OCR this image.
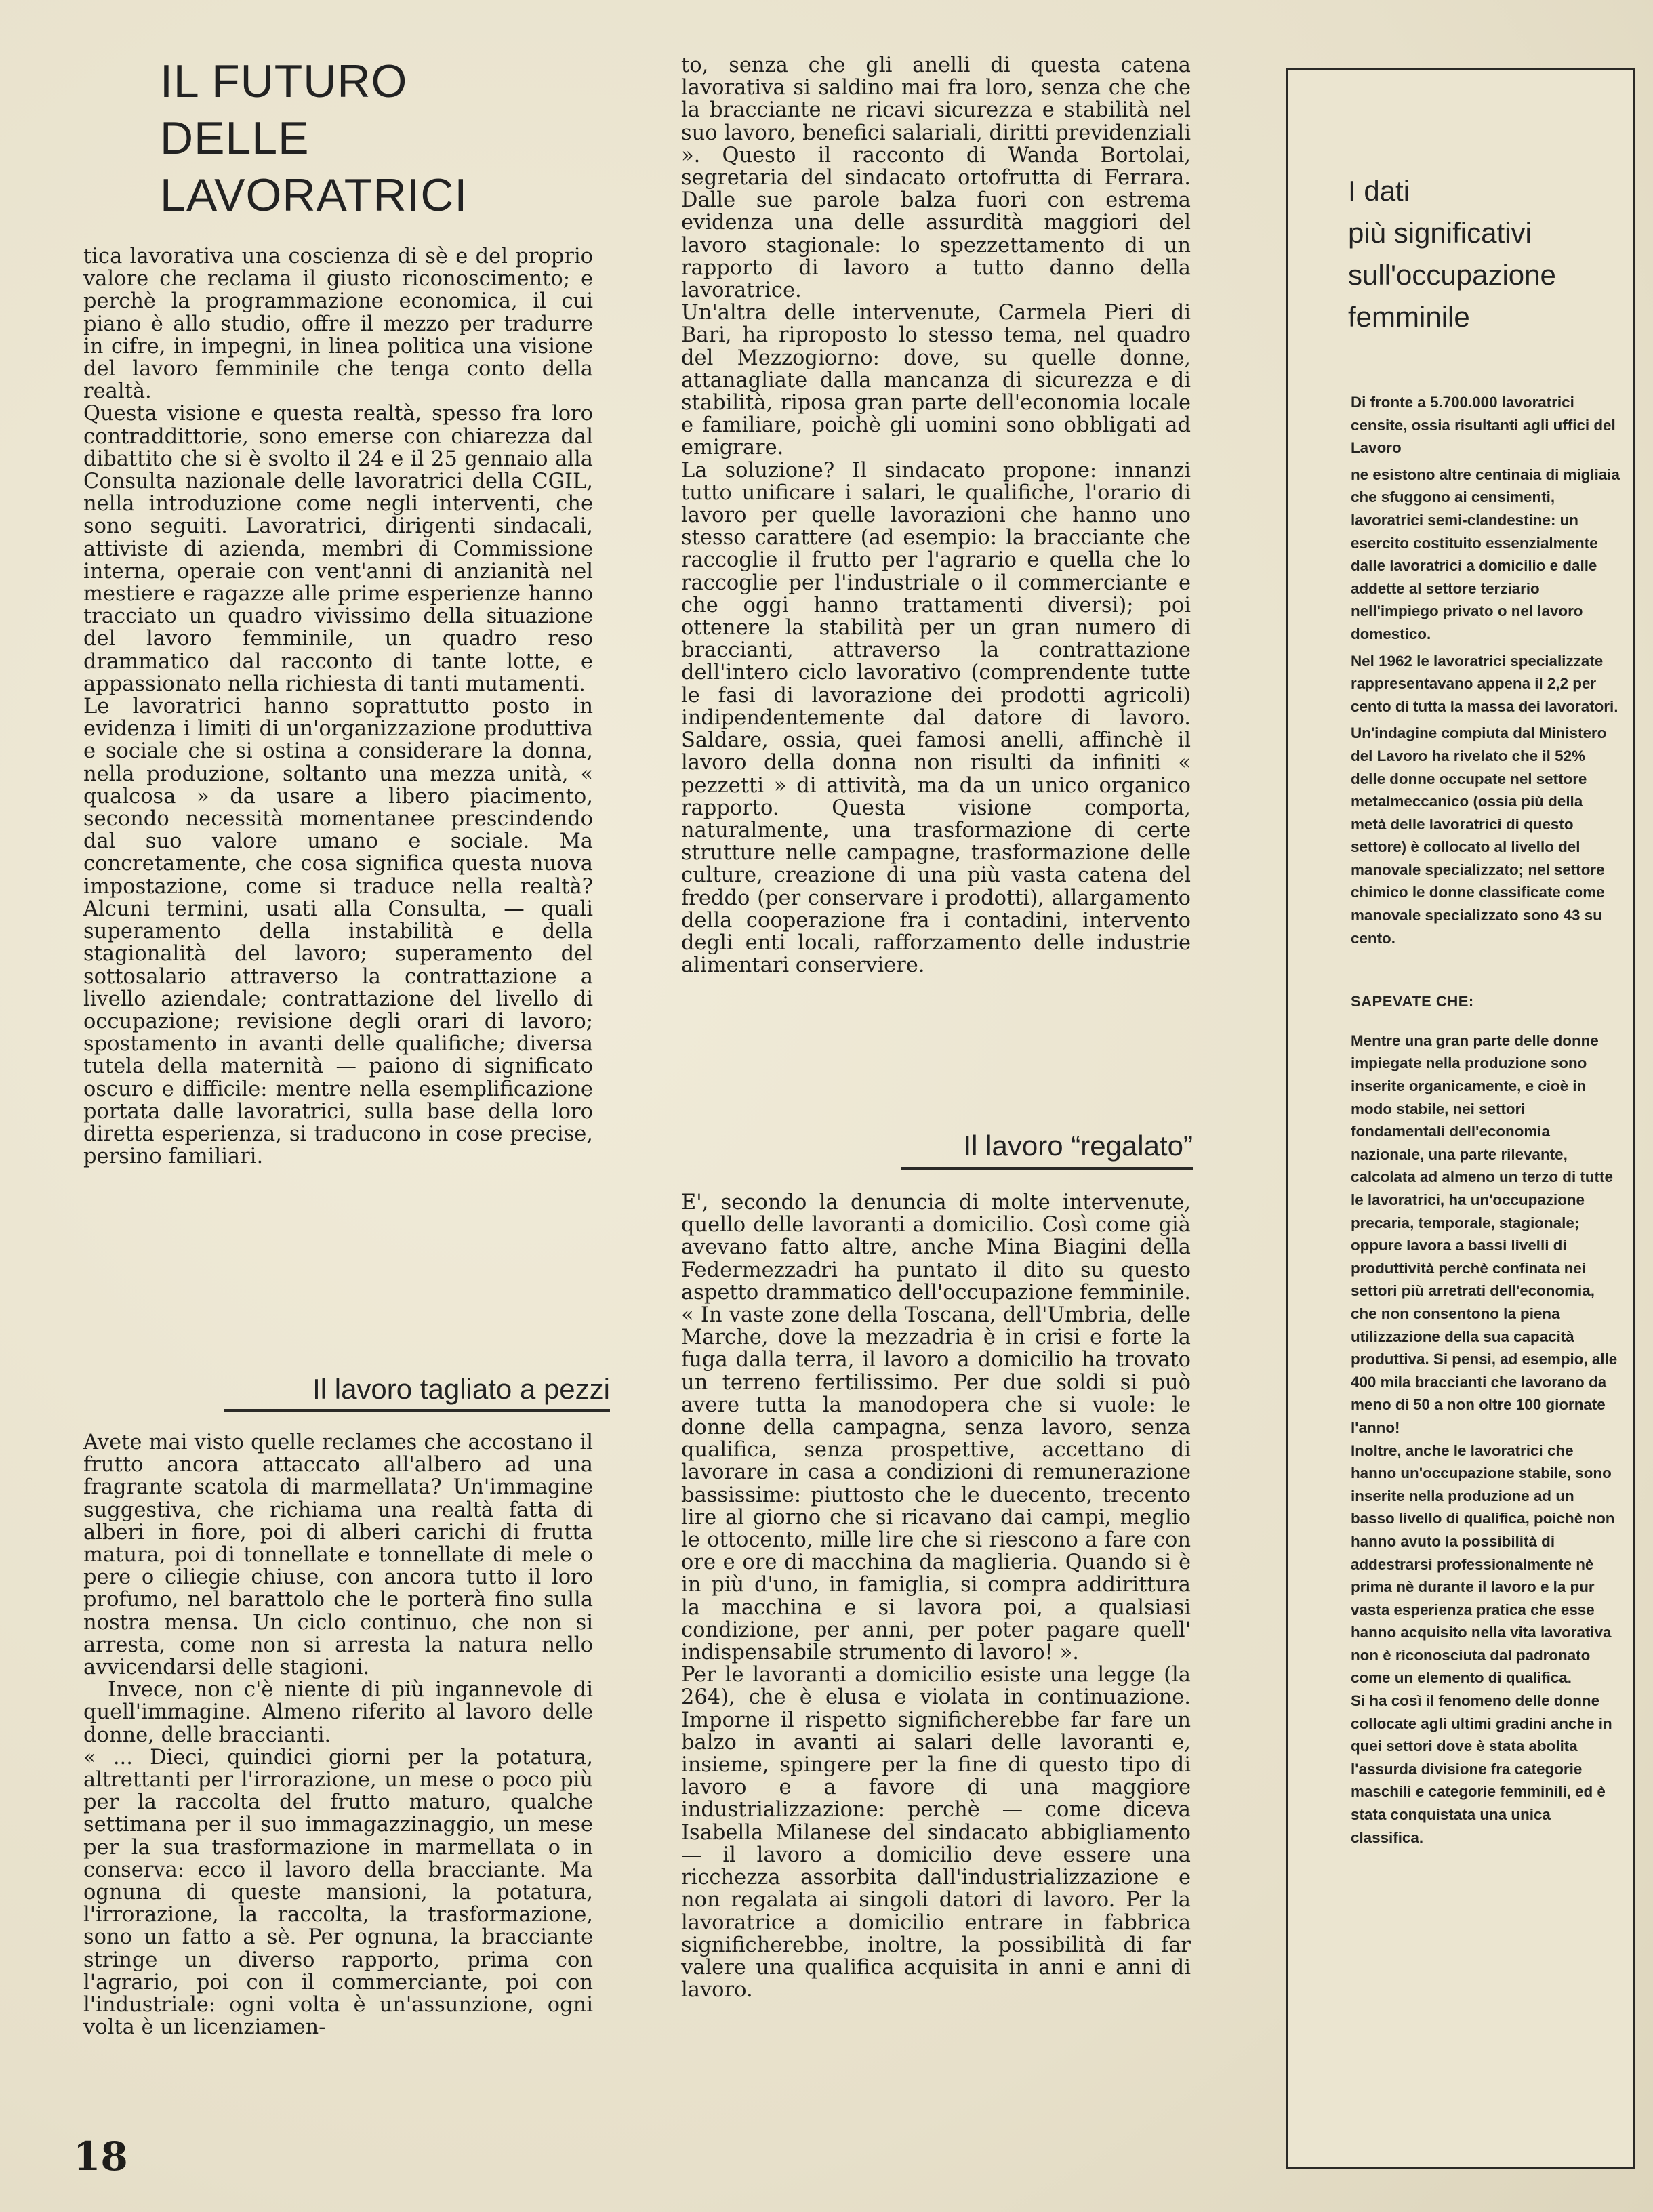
IL FUTURO
DELLE LAVORATRICI

tica lavorativa una coscienza di sè e del proprio valore che reclama il giusto riconoscimento; e perchè la programmazione economica, il cui piano è allo studio, offre il mezzo per tradurre in cifre, in impegni, in linea politica una visione del lavoro femminile che tenga conto della realtà.

Questa visione e questa realtà, spesso fra loro contraddittorie, sono emerse con chiarezza dal dibattito che si è svolto il 24 e il 25 gennaio alla Consulta nazionale delle lavoratrici della CGIL, nella introduzione come negli interventi, che sono seguiti. Lavoratrici, dirigenti sindacali, attiviste di azienda, membri di Commissione interna, operaie con vent'anni di anzianità nel mestiere e ragazze alle prime esperienze hanno tracciato un quadro vivissimo della situazione del lavoro femminile, un quadro reso drammatico dal racconto di tante lotte, e appassionato nella richiesta di tanti mutamenti.

Le lavoratrici hanno soprattutto posto in evidenza i limiti di un'organizzazione produttiva e sociale che si ostina a considerare la donna, nella produzione, soltanto una mezza unità, « qualcosa » da usare a libero piacimento, secondo necessità momentanee prescindendo dal suo valore umano e sociale. Ma concretamente, che cosa significa questa nuova impostazione, come si traduce nella realtà? Alcuni termini, usati alla Consulta, — quali superamento della instabilità e della stagionalità del lavoro; superamento del sottosalario attraverso la contrattazione a livello aziendale; contrattazione del livello di occupazione; revisione degli orari di lavoro; spostamento in avanti delle qualifiche; diversa tutela della maternità — paiono di significato oscuro e difficile: mentre nella esemplificazione portata dalle lavoratrici, sulla base della loro diretta esperienza, si traducono in cose precise, persino familiari.

Il lavoro tagliato a pezzi

Avete mai visto quelle reclames che accostano il frutto ancora attaccato all'albero ad una fragrante scatola di marmellata? Un'immagine suggestiva, che richiama una realtà fatta di alberi in fiore, poi di alberi carichi di frutta matura, poi di tonnellate e tonnellate di mele o pere o ciliegie chiuse, con ancora tutto il loro profumo, nel barattolo che le porterà fino sulla nostra mensa. Un ciclo continuo, che non si arresta, come non si arresta la natura nello avvicendarsi delle stagioni.

Invece, non c'è niente di più ingannevole di quell'immagine. Almeno riferito al lavoro delle donne, delle braccianti.

« ... Dieci, quindici giorni per la potatura, altrettanti per l'irrorazione, un mese o poco più per la raccolta del frutto maturo, qualche settimana per il suo immagazzinaggio, un mese per la sua trasformazione in marmellata o in conserva: ecco il lavoro della bracciante. Ma ognuna di queste mansioni, la potatura, l'irrorazione, la raccolta, la trasformazione, sono un fatto a sè. Per ognuna, la bracciante stringe un diverso rapporto, prima con l'agrario, poi con il commerciante, poi con l'industriale: ogni volta è un'assunzione, ogni volta è un licenziamen-

to, senza che gli anelli di questa catena lavorativa si saldino mai fra loro, senza che che la bracciante ne ricavi sicurezza e stabilità nel suo lavoro, benefici salariali, diritti previdenziali ». Questo il racconto di Wanda Bortolai, segretaria del sindacato ortofrutta di Ferrara. Dalle sue parole balza fuori con estrema evidenza una delle assurdità maggiori del lavoro stagionale: lo spezzettamento di un rapporto di lavoro a tutto danno della lavoratrice.

Un'altra delle intervenute, Carmela Pieri di Bari, ha riproposto lo stesso tema, nel quadro del Mezzogiorno: dove, su quelle donne, attanagliate dalla mancanza di sicurezza e di stabilità, riposa gran parte dell'economia locale e familiare, poichè gli uomini sono obbligati ad emigrare.

La soluzione? Il sindacato propone: innanzi tutto unificare i salari, le qualifiche, l'orario di lavoro per quelle lavorazioni che hanno uno stesso carattere (ad esempio: la bracciante che raccoglie il frutto per l'agrario e quella che lo raccoglie per l'industriale o il commerciante e che oggi hanno trattamenti diversi); poi ottenere la stabilità per un gran numero di braccianti, attraverso la contrattazione dell'intero ciclo lavorativo (comprendente tutte le fasi di lavorazione dei prodotti agricoli) indipendentemente dal datore di lavoro. Saldare, ossia, quei famosi anelli, affinchè il lavoro della donna non risulti da infiniti « pezzetti » di attività, ma da un unico organico rapporto. Questa visione comporta, naturalmente, una trasformazione di certe strutture nelle campagne, trasformazione delle culture, creazione di una più vasta catena del freddo (per conservare i prodotti), allargamento della cooperazione fra i contadini, intervento degli enti locali, rafforzamento delle industrie alimentari conserviere.

Il lavoro “regalato”

E', secondo la denuncia di molte intervenute, quello delle lavoranti a domicilio. Così come già avevano fatto altre, anche Mina Biagini della Federmezzadri ha puntato il dito su questo aspetto drammatico dell'occupazione femminile. « In vaste zone della Toscana, dell'Umbria, delle Marche, dove la mezzadria è in crisi e forte la fuga dalla terra, il lavoro a domicilio ha trovato un terreno fertilissimo. Per due soldi si può avere tutta la manodopera che si vuole: le donne della campagna, senza lavoro, senza qualifica, senza prospettive, accettano di lavorare in casa a condizioni di remunerazione bassissime: piuttosto che le duecento, trecento lire al giorno che si ricavano dai campi, meglio le ottocento, mille lire che si riescono a fare con ore e ore di macchina da maglieria. Quando si è in più d'uno, in famiglia, si compra addirittura la macchina e si lavora poi, a qualsiasi condizione, per anni, per poter pagare quell' indispensabile strumento di lavoro! ».

Per le lavoranti a domicilio esiste una legge (la 264), che è elusa e violata in continuazione. Imporne il rispetto significherebbe far fare un balzo in avanti ai salari delle lavoranti e, insieme, spingere per la fine di questo tipo di lavoro e a favore di una maggiore industrializzazione: perchè — come diceva Isabella Milanese del sindacato abbigliamento — il lavoro a domicilio deve essere una ricchezza assorbita dall'industrializzazione e non regalata ai singoli datori di lavoro. Per la lavoratrice a domicilio entrare in fabbrica significherebbe, inoltre, la possibilità di far valere una qualifica acquisita in anni e anni di lavoro.

I dati
più significativi
sull'occupazione
femminile

Di fronte a 5.700.000 lavoratrici censite, ossia risultanti agli uffici del Lavoro

ne esistono altre centinaia di migliaia che sfuggono ai censimenti, lavoratrici semi-clandestine: un esercito costituito essenzialmente dalle lavoratrici a domicilio e dalle addette al settore terziario nell'impiego privato o nel lavoro domestico.

Nel 1962 le lavoratrici specializzate rappresentavano appena il 2,2 per cento di tutta la massa dei lavoratori.

Un'indagine compiuta dal Ministero del Lavoro ha rivelato che il 52% delle donne occupate nel settore metalmeccanico (ossia più della metà delle lavoratrici di questo settore) è collocato al livello del manovale specializzato; nel settore chimico le donne classificate come manovale specializzato sono 43 su cento.

SAPEVATE CHE:

Mentre una gran parte delle donne impiegate nella produzione sono inserite organicamente, e cioè in modo stabile, nei settori fondamentali dell'economia nazionale, una parte rilevante, calcolata ad almeno un terzo di tutte le lavoratrici, ha un'occupazione precaria, temporale, stagionale; oppure lavora a bassi livelli di produttività perchè confinata nei settori più arretrati dell'economia, che non consentono la piena utilizzazione della sua capacità produttiva. Si pensi, ad esempio, alle 400 mila braccianti che lavorano da meno di 50 a non oltre 100 giornate l'anno!

Inoltre, anche le lavoratrici che hanno un'occupazione stabile, sono inserite nella produzione ad un basso livello di qualifica, poichè non hanno avuto la possibilità di addestrarsi professionalmente nè prima nè durante il lavoro e la pur vasta esperienza pratica che esse hanno acquisito nella vita lavorativa non è riconosciuta dal padronato come un elemento di qualifica.

Si ha così il fenomeno delle donne collocate agli ultimi gradini anche in quei settori dove è stata abolita l'assurda divisione fra categorie maschili e categorie femminili, ed è stata conquistata una unica classifica.

18
